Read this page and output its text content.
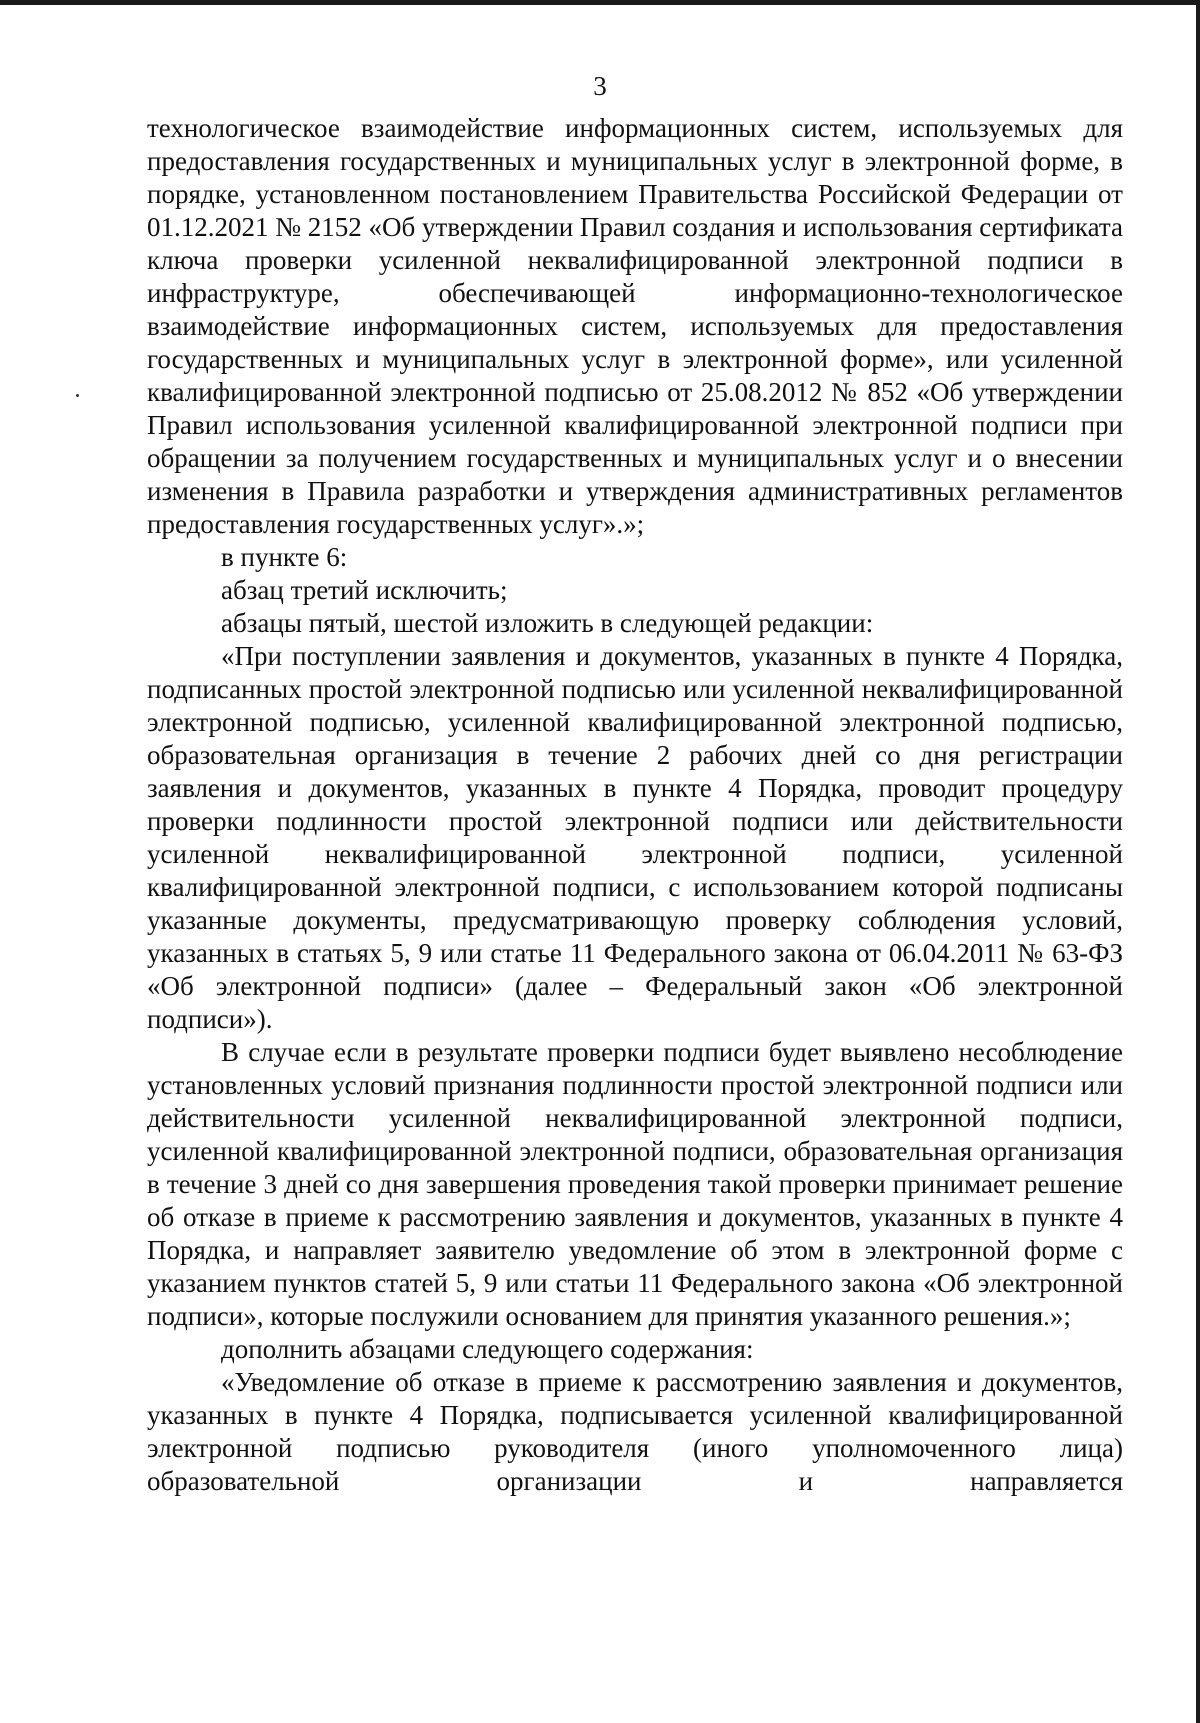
3

технологическое взаимодействие информационных систем, используемых для предоставления государственных и муниципальных услуг в электронной форме, в порядке, установленном постановлением Правительства Российской Федерации от 01.12.2021 № 2152 «Об утверждении Правил создания и использования сертификата ключа проверки усиленной неквалифицированной электронной подписи в инфраструктуре, обеспечивающей информационно-технологическое взаимодействие информационных систем, используемых для предоставления государственных и муниципальных услуг в электронной форме», или усиленной квалифицированной электронной подписью от 25.08.2012 № 852 «Об утверждении Правил использования усиленной квалифицированной электронной подписи при обращении за получением государственных и муниципальных услуг и о внесении изменения в Правила разработки и утверждения административных регламентов предоставления государственных услуг».»;

в пункте 6:

абзац третий исключить;

абзацы пятый, шестой изложить в следующей редакции:

«При поступлении заявления и документов, указанных в пункте 4 Порядка, подписанных простой электронной подписью или усиленной неквалифицированной электронной подписью, усиленной квалифицированной электронной подписью, образовательная организация в течение 2 рабочих дней со дня регистрации заявления и документов, указанных в пункте 4 Порядка, проводит процедуру проверки подлинности простой электронной подписи или действительности усиленной неквалифицированной электронной подписи, усиленной квалифицированной электронной подписи, с использованием которой подписаны указанные документы, предусматривающую проверку соблюдения условий, указанных в статьях 5, 9 или статье 11 Федерального закона от 06.04.2011 № 63-ФЗ «Об электронной подписи» (далее – Федеральный закон «Об электронной подписи»).

В случае если в результате проверки подписи будет выявлено несоблюдение установленных условий признания подлинности простой электронной подписи или действительности усиленной неквалифицированной электронной подписи, усиленной квалифицированной электронной подписи, образовательная организация в течение 3 дней со дня завершения проведения такой проверки принимает решение об отказе в приеме к рассмотрению заявления и документов, указанных в пункте 4 Порядка, и направляет заявителю уведомление об этом в электронной форме с указанием пунктов статей 5, 9 или статьи 11 Федерального закона «Об электронной подписи», которые послужили основанием для принятия указанного решения.»;

дополнить абзацами следующего содержания:

«Уведомление об отказе в приеме к рассмотрению заявления и документов, указанных в пункте 4 Порядка, подписывается усиленной квалифицированной электронной подписью руководителя (иного уполномоченного лица) образовательной организации и направляется
